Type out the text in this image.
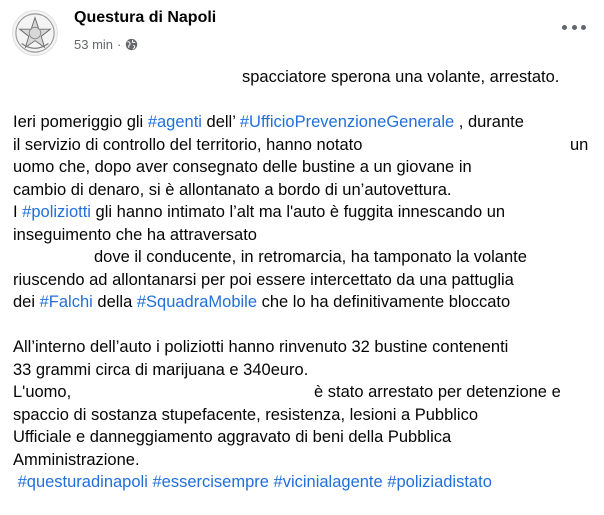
Questura di Napoli
53 min ·
spacciatore sperona una volante, arrestato.
Ieri pomeriggio gli #agenti dell’ #UfficioPrevenzioneGenerale , durante
il servizio di controllo del territorio, hanno notato	un
uomo che, dopo aver consegnato delle bustine a un giovane in
cambio di denaro, si è allontanato a bordo di un’autovettura.
I #poliziotti gli hanno intimato l’alt ma l'auto è fuggita innescando un
inseguimento che ha attraversato
dove il conducente, in retromarcia, ha tamponato la volante
riuscendo ad allontanarsi per poi essere intercettato da una pattuglia
dei #Falchi della #SquadraMobile che lo ha definitivamente bloccato
All’interno dell’auto i poliziotti hanno rinvenuto 32 bustine contenenti
33 grammi circa di marijuana e 340euro.
L'uomo,	è stato arrestato per detenzione e
spaccio di sostanza stupefacente, resistenza, lesioni a Pubblico
Ufficiale e danneggiamento aggravato di beni della Pubblica
Amministrazione.
#questuradinapoli #essercisempre #vicinialagente #poliziadistato
